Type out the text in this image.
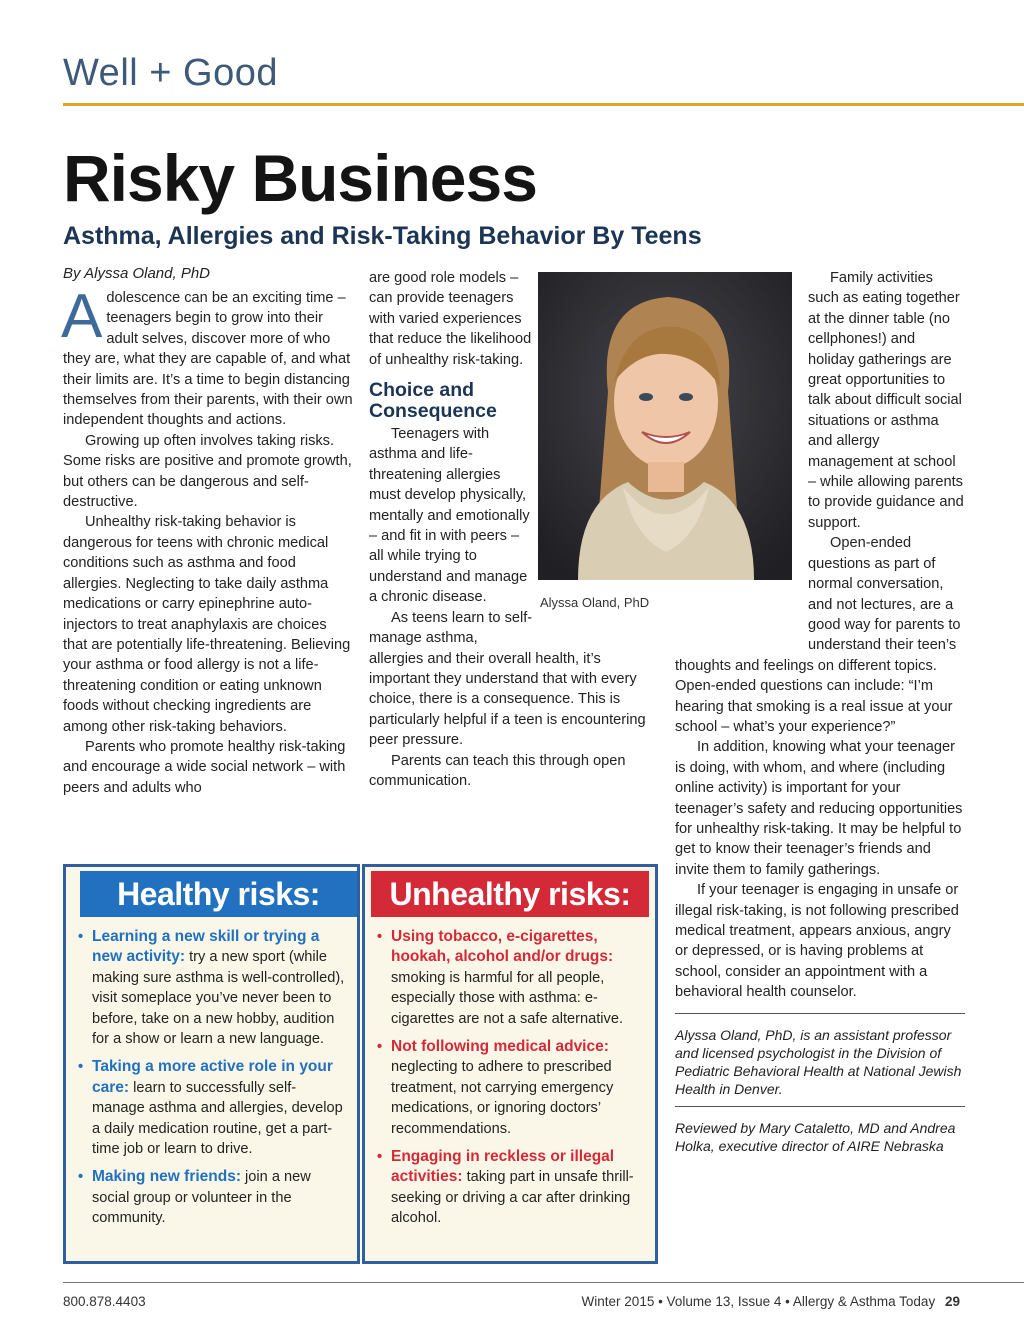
Well + Good
Risky Business
Asthma, Allergies and Risk-Taking Behavior By Teens
By Alyssa Oland, PhD

Adolescence can be an exciting time – teenagers begin to grow into their adult selves, discover more of who they are, what they are capable of, and what their limits are. It’s a time to begin distancing themselves from their parents, with their own independent thoughts and actions.

Growing up often involves taking risks. Some risks are positive and promote growth, but others can be dangerous and self-destructive.

Unhealthy risk-taking behavior is dangerous for teens with chronic medical conditions such as asthma and food allergies. Neglecting to take daily asthma medications or carry epinephrine auto-injectors to treat anaphylaxis are choices that are potentially life-threatening. Believing your asthma or food allergy is not a life-threatening condition or eating unknown foods without checking ingredients are among other risk-taking behaviors.

Parents who promote healthy risk-taking and encourage a wide social network – with peers and adults who

are good role models – can provide teenagers with varied experiences that reduce the likelihood of unhealthy risk-taking.

Choice and Consequence

Teenagers with asthma and life-threatening allergies must develop physically, mentally and emotionally – and fit in with peers – all while trying to understand and manage a chronic disease.

As teens learn to self-manage asthma, allergies and their overall health, it’s important they understand that with every choice, there is a consequence. This is particularly helpful if a teen is encountering peer pressure.

Parents can teach this through open communication.

Alyssa Oland, PhD

Family activities such as eating together at the dinner table (no cellphones!) and holiday gatherings are great opportunities to talk about difficult social situations or asthma and allergy management at school – while allowing parents to provide guidance and support.

Open-ended questions as part of normal conversation, and not lectures, are a good way for parents to understand their teen’s thoughts and feelings on different topics. Open-ended questions can include: “I’m hearing that smoking is a real issue at your school – what’s your experience?”

In addition, knowing what your teenager is doing, with whom, and where (including online activity) is important for your teenager’s safety and reducing opportunities for unhealthy risk-taking. It may be helpful to get to know their teenager’s friends and invite them to family gatherings.

If your teenager is engaging in unsafe or illegal risk-taking, is not following prescribed medical treatment, appears anxious, angry or depressed, or is having problems at school, consider an appointment with a behavioral health counselor.

Alyssa Oland, PhD, is an assistant professor and licensed psychologist in the Division of Pediatric Behavioral Health at National Jewish Health in Denver.
Reviewed by Mary Cataletto, MD and Andrea Holka, executive director of AIRE Nebraska
Healthy risks:
• Learning a new skill or trying a new activity: try a new sport (while making sure asthma is well-controlled), visit someplace you’ve never been to before, take on a new hobby, audition for a show or learn a new language.
• Taking a more active role in your care: learn to successfully self-manage asthma and allergies, develop a daily medication routine, get a part-time job or learn to drive.
• Making new friends: join a new social group or volunteer in the community.
Unhealthy risks:
• Using tobacco, e-cigarettes, hookah, alcohol and/or drugs: smoking is harmful for all people, especially those with asthma: e-cigarettes are not a safe alternative.
• Not following medical advice: neglecting to adhere to prescribed treatment, not carrying emergency medications, or ignoring doctors’ recommendations.
• Engaging in reckless or illegal activities: taking part in unsafe thrill-seeking or driving a car after drinking alcohol.
800.878.4403	Winter 2015 • Volume 13, Issue 4 • Allergy & Asthma Today 29
